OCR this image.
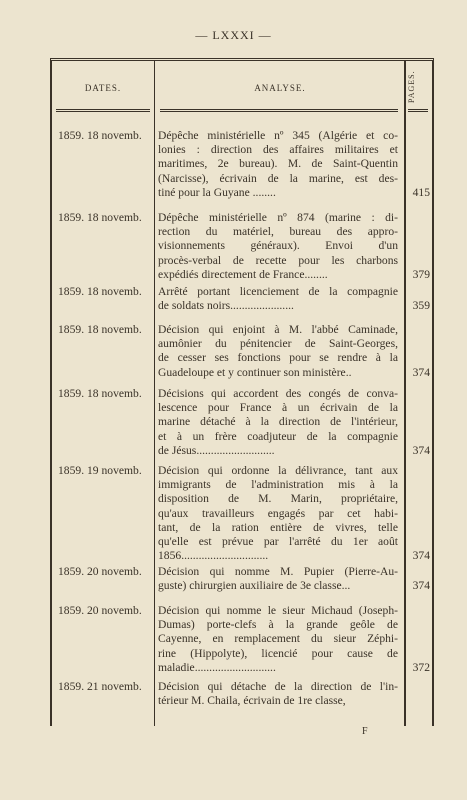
— LXXXI —
DATES.	ANALYSE.	PAGES.
1859. 18 novemb.	Dépêche ministérielle nº 345 (Algérie et co-
lonies : direction des affaires militaires et
maritimes, 2e bureau). M. de Saint-Quentin
(Narcisse), écrivain de la marine, est des-
tiné pour la Guyane ........	415
1859. 18 novemb.	Dépêche ministérielle nº 874 (marine : di-
rection du matériel, bureau des appro-
visionnements généraux). Envoi d'un
procès-verbal de recette pour les charbons
expédiés directement de France........	379
1859. 18 novemb.	Arrêté portant licenciement de la compagnie
de soldats noirs......................	359
1859. 18 novemb.	Décision qui enjoint à M. l'abbé Caminade,
aumônier du pénitencier de Saint-Georges,
de cesser ses fonctions pour se rendre à la
Guadeloupe et y continuer son ministère..	374
1859. 18 novemb.	Décisions qui accordent des congés de conva-
lescence pour France à un écrivain de la
marine détaché à la direction de l'intérieur,
et à un frère coadjuteur de la compagnie
de Jésus...........................	374
1859. 19 novemb.	Décision qui ordonne la délivrance, tant aux
immigrants de l'administration mis à la
disposition de M. Marin, propriétaire,
qu'aux travailleurs engagés par cet habi-
tant, de la ration entière de vivres, telle
qu'elle est prévue par l'arrêté du 1er août
1856..............................	374
1859. 20 novemb.	Décision qui nomme M. Pupier (Pierre-Au-
guste) chirurgien auxiliaire de 3e classe...	374
1859. 20 novemb.	Décision qui nomme le sieur Michaud (Joseph-
Dumas) porte-clefs à la grande geôle de
Cayenne, en remplacement du sieur Zéphi-
rine (Hippolyte), licencié pour cause de
maladie............................	372
1859. 21 novemb.	Décision qui détache de la direction de l'in-
térieur M. Chaila, écrivain de 1re classe,
F
